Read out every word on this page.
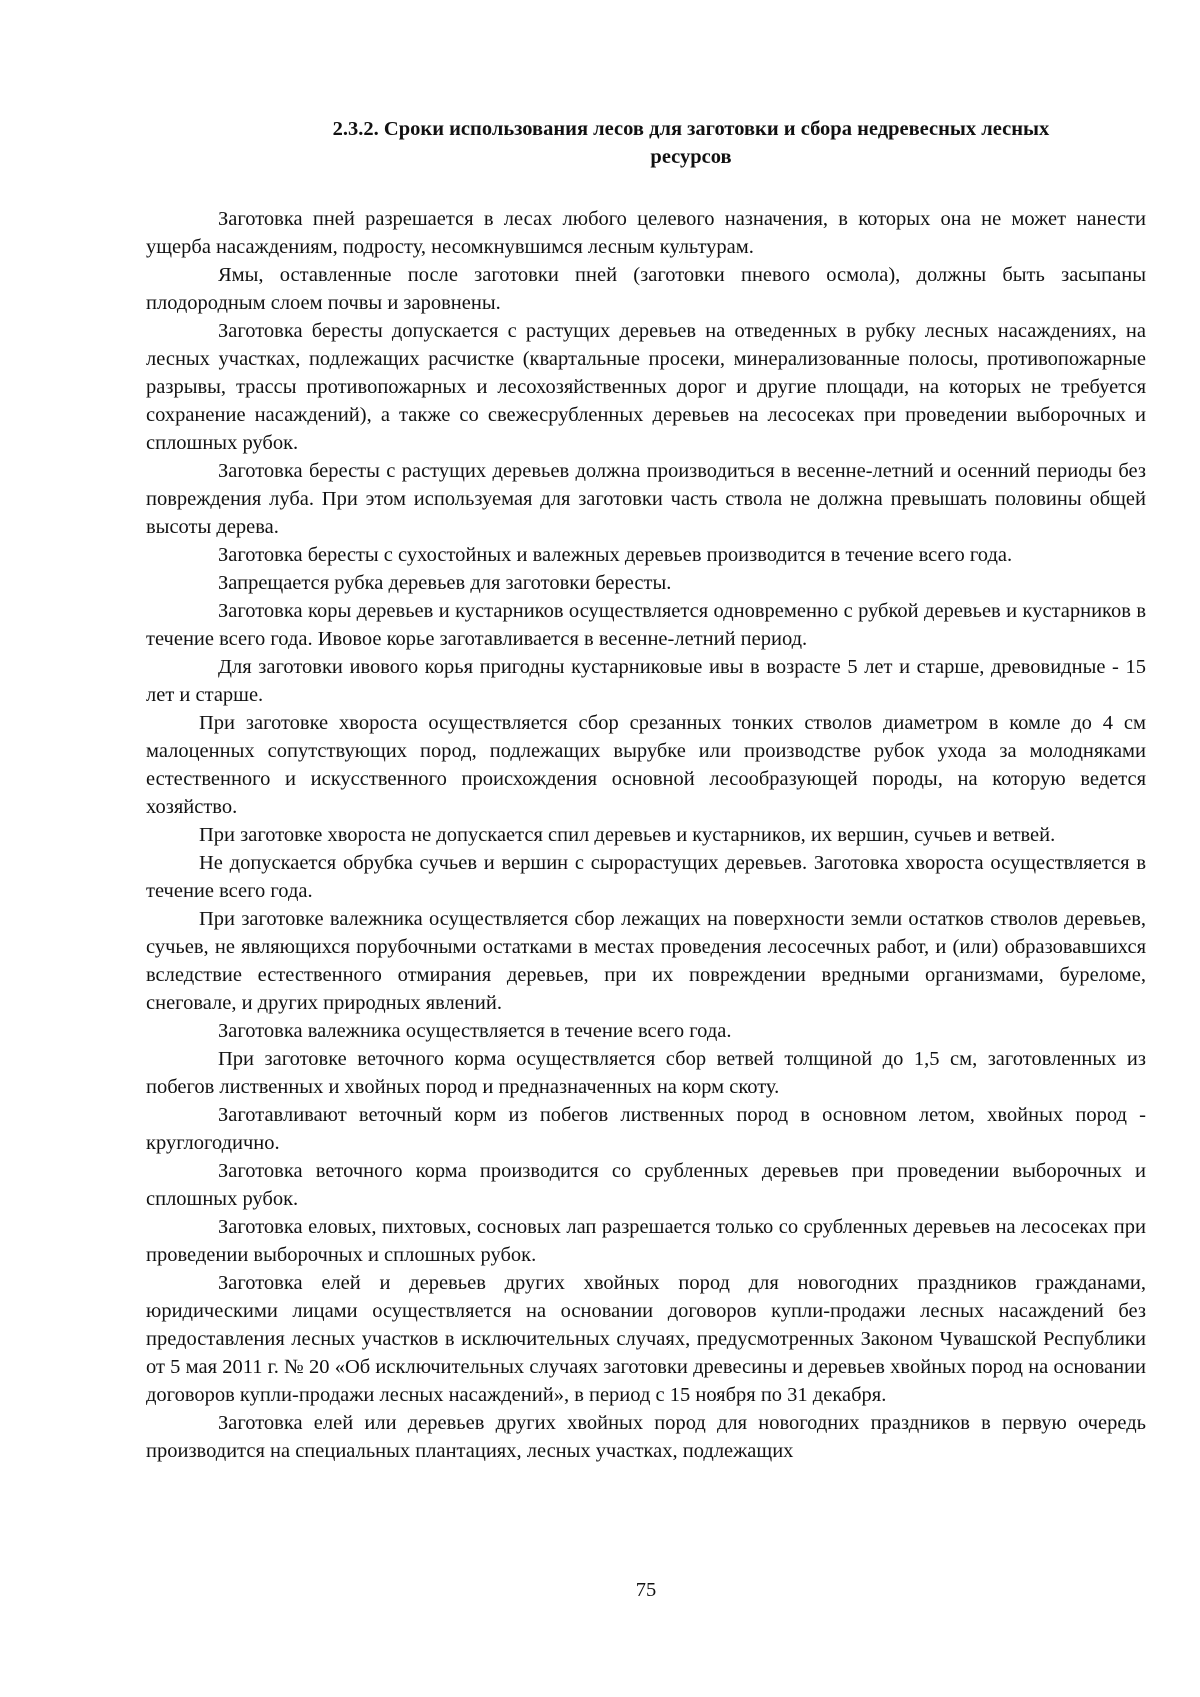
2.3.2. Сроки использования лесов для заготовки и сбора недревесных лесных
ресурсов

Заготовка пней разрешается в лесах любого целевого назначения, в которых она не может нанести ущерба насаждениям, подросту, несомкнувшимся лесным культурам.

Ямы, оставленные после заготовки пней (заготовки пневого осмола), должны быть засыпаны плодородным слоем почвы и заровнены.

Заготовка бересты допускается с растущих деревьев на отведенных в рубку лесных насаждениях, на лесных участках, подлежащих расчистке (квартальные просеки, минерализованные полосы, противопожарные разрывы, трассы противопожарных и лесохозяйственных дорог и другие площади, на которых не требуется сохранение насаждений), а также со свежесрубленных деревьев на лесосеках при проведении выборочных и сплошных рубок.

Заготовка бересты с растущих деревьев должна производиться в весенне-летний и осенний периоды без повреждения луба. При этом используемая для заготовки часть ствола не должна превышать половины общей высоты дерева.

Заготовка бересты с сухостойных и валежных деревьев производится в течение всего года.

Запрещается рубка деревьев для заготовки бересты.

Заготовка коры деревьев и кустарников осуществляется одновременно с рубкой деревьев и кустарников в течение всего года. Ивовое корье заготавливается в весенне-летний период.

Для заготовки ивового корья пригодны кустарниковые ивы в возрасте 5 лет и старше, древовидные - 15 лет и старше.

При заготовке хвороста осуществляется сбор срезанных тонких стволов диаметром в комле до 4 см малоценных сопутствующих пород, подлежащих вырубке или производстве рубок ухода за молодняками естественного и искусственного происхождения основной лесообразующей породы, на которую ведется хозяйство.

При заготовке хвороста не допускается спил деревьев и кустарников, их вершин, сучьев и ветвей.

Не допускается обрубка сучьев и вершин с сырорастущих деревьев. Заготовка хвороста осуществляется в течение всего года.

При заготовке валежника осуществляется сбор лежащих на поверхности земли остатков стволов деревьев, сучьев, не являющихся порубочными остатками в местах проведения лесосечных работ, и (или) образовавшихся вследствие естественного отмирания деревьев, при их повреждении вредными организмами, буреломе, снеговале, и других природных явлений.

Заготовка валежника осуществляется в течение всего года.

При заготовке веточного корма осуществляется сбор ветвей толщиной до 1,5 см, заготовленных из побегов лиственных и хвойных пород и предназначенных на корм скоту.

Заготавливают веточный корм из побегов лиственных пород в основном летом, хвойных пород - круглогодично.

Заготовка веточного корма производится со срубленных деревьев при проведении выборочных и сплошных рубок.

Заготовка еловых, пихтовых, сосновых лап разрешается только со срубленных деревьев на лесосеках при проведении выборочных и сплошных рубок.

Заготовка елей и деревьев других хвойных пород для новогодних праздников гражданами, юридическими лицами осуществляется на основании договоров купли-продажи лесных насаждений без предоставления лесных участков в исключительных случаях, предусмотренных Законом Чувашской Республики от 5 мая 2011 г. № 20 «Об исключительных случаях заготовки древесины и деревьев хвойных пород на основании договоров купли-продажи лесных насаждений», в период с 15 ноября по 31 декабря.

Заготовка елей или деревьев других хвойных пород для новогодних праздников в первую очередь производится на специальных плантациях, лесных участках, подлежащих

75
